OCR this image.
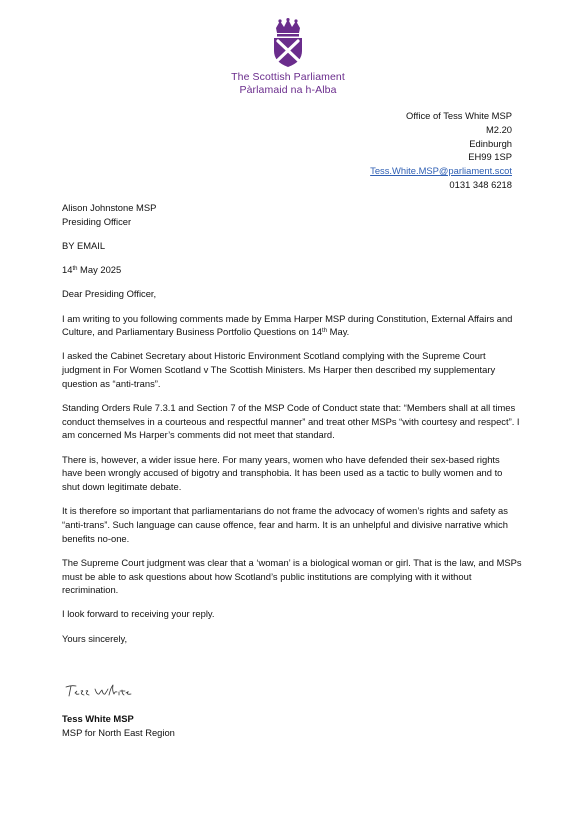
The Scottish Parliament
Pàrlamaid na h-Alba
Office of Tess White MSP
M2.20
Edinburgh
EH99 1SP
Tess.White.MSP@parliament.scot
0131 348 6218

Alison Johnstone MSP

Presiding Officer

BY EMAIL

14th May 2025

Dear Presiding Officer,

I am writing to you following comments made by Emma Harper MSP during Constitution, External Affairs and Culture, and Parliamentary Business Portfolio Questions on 14th May.

I asked the Cabinet Secretary about Historic Environment Scotland complying with the Supreme Court judgment in For Women Scotland v The Scottish Ministers. Ms Harper then described my supplementary question as “anti-trans”.

Standing Orders Rule 7.3.1 and Section 7 of the MSP Code of Conduct state that: “Members shall at all times conduct themselves in a courteous and respectful manner” and treat other MSPs “with courtesy and respect”. I am concerned Ms Harper’s comments did not meet that standard.

There is, however, a wider issue here. For many years, women who have defended their sex-based rights have been wrongly accused of bigotry and transphobia. It has been used as a tactic to bully women and to shut down legitimate debate.

It is therefore so important that parliamentarians do not frame the advocacy of women’s rights and safety as “anti-trans”. Such language can cause offence, fear and harm. It is an unhelpful and divisive narrative which benefits no-one.

The Supreme Court judgment was clear that a ‘woman’ is a biological woman or girl. That is the law, and MSPs must be able to ask questions about how Scotland’s public institutions are complying with it without recrimination.

I look forward to receiving your reply.

Yours sincerely,

Tess White MSP
MSP for North East Region
